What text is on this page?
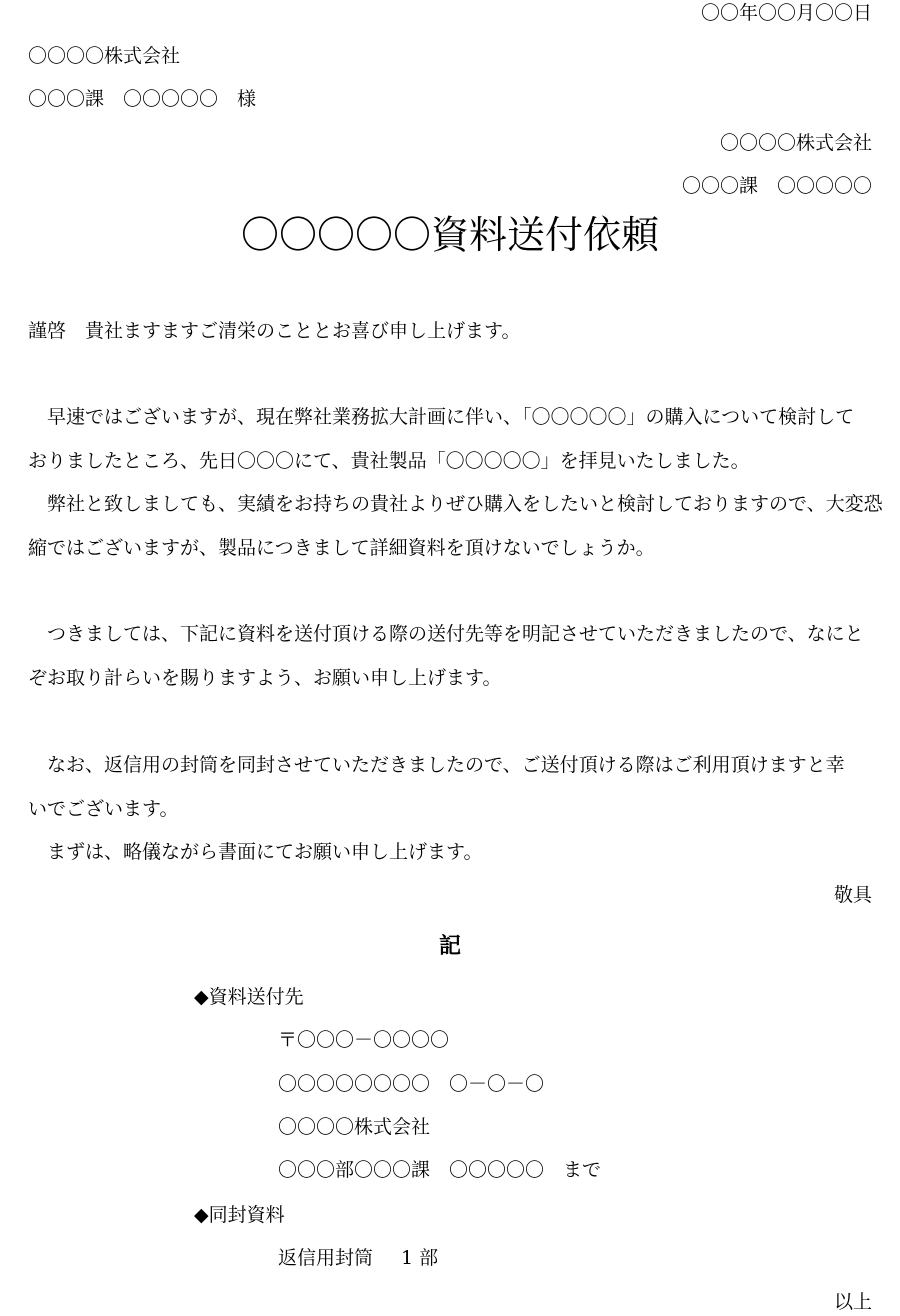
〇〇年〇〇月〇〇日
〇〇〇〇株式会社
〇〇〇課　〇〇〇〇〇　様
〇〇〇〇株式会社
〇〇〇課　〇〇〇〇〇
〇〇〇〇〇資料送付依頼
謹啓　貴社ますますご清栄のこととお喜び申し上げます。
　早速ではございますが、現在弊社業務拡大計画に伴い、「〇〇〇〇〇」の購入について検討して
おりましたところ、先日〇〇〇にて、貴社製品「〇〇〇〇〇」を拝見いたしました。
　弊社と致しましても、実績をお持ちの貴社よりぜひ購入をしたいと検討しておりますので、大変恐
縮ではございますが、製品につきまして詳細資料を頂けないでしょうか。
　つきましては、下記に資料を送付頂ける際の送付先等を明記させていただきましたので、なにと
ぞお取り計らいを賜りますよう、お願い申し上げます。
　なお、返信用の封筒を同封させていただきましたので、ご送付頂ける際はご利用頂けますと幸
いでございます。
　まずは、略儀ながら書面にてお願い申し上げます。
敬具
記
◆資料送付先
〒〇〇〇－〇〇〇〇
〇〇〇〇〇〇〇〇　〇－〇－〇
〇〇〇〇株式会社
〇〇〇部〇〇〇課　〇〇〇〇〇　まで
◆同封資料
返信用封筒 1 部
以上
